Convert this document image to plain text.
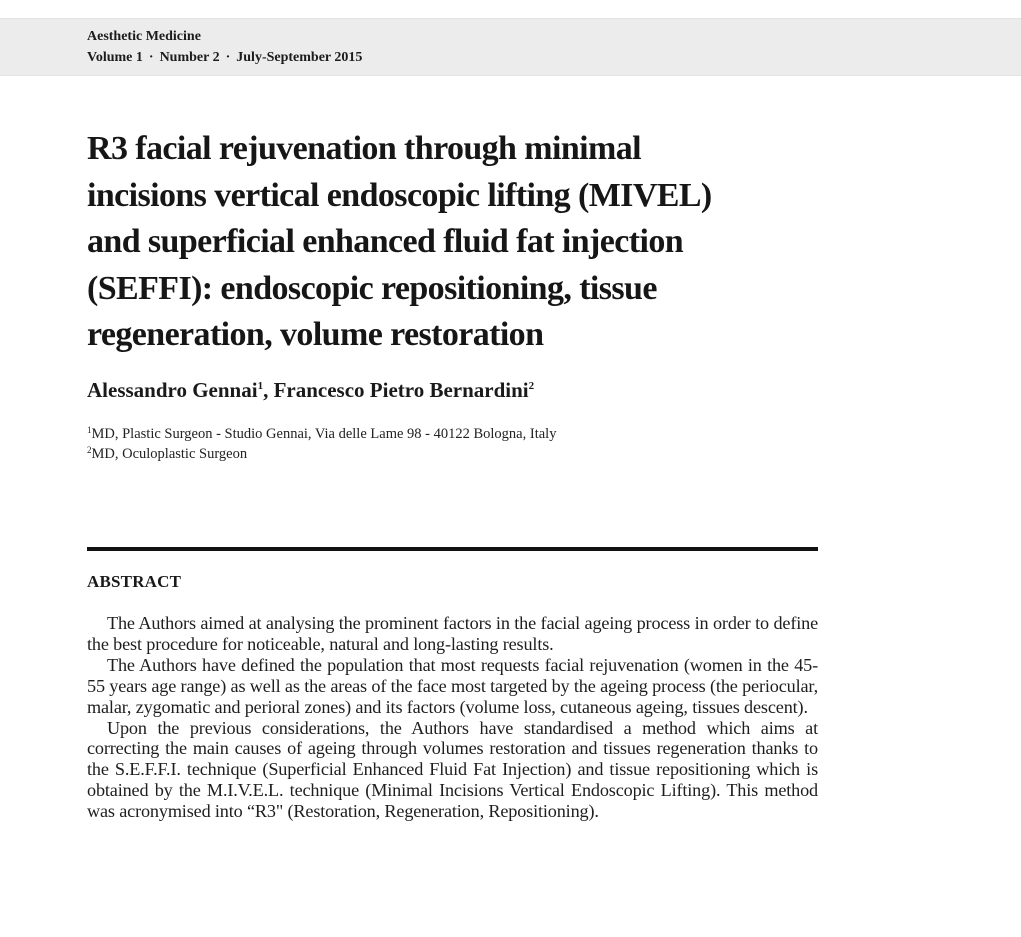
Aesthetic Medicine
Volume 1 · Number 2 · July-September 2015
R3 facial rejuvenation through minimal
incisions vertical endoscopic lifting (MIVEL)
and superficial enhanced fluid fat injection
(SEFFI): endoscopic repositioning, tissue
regeneration, volume restoration
Alessandro Gennai$^1$, Francesco Pietro Bernardini$^2$
$^1$MD, Plastic Surgeon - Studio Gennai, Via delle Lame 98 - 40122 Bologna, Italy
$^2$MD, Oculoplastic Surgeon
ABSTRACT

The Authors aimed at analysing the prominent factors in the facial ageing process in order to define the best procedure for noticeable, natural and long-lasting results.

The Authors have defined the population that most requests facial rejuvenation (women in the 45-55 years age range) as well as the areas of the face most targeted by the ageing process (the periocular, malar, zygomatic and perioral zones) and its factors (volume loss, cutaneous ageing, tissues descent).

Upon the previous considerations, the Authors have standardised a method which aims at correcting the main causes of ageing through volumes restoration and tissues regeneration thanks to the S.E.F.F.I. technique (Superficial Enhanced Fluid Fat Injection) and tissue repositioning which is obtained by the M.I.V.E.L. technique (Minimal Incisions Vertical Endoscopic Lifting). This method was acronymised into “R3" (Restoration, Regeneration, Repositioning).
